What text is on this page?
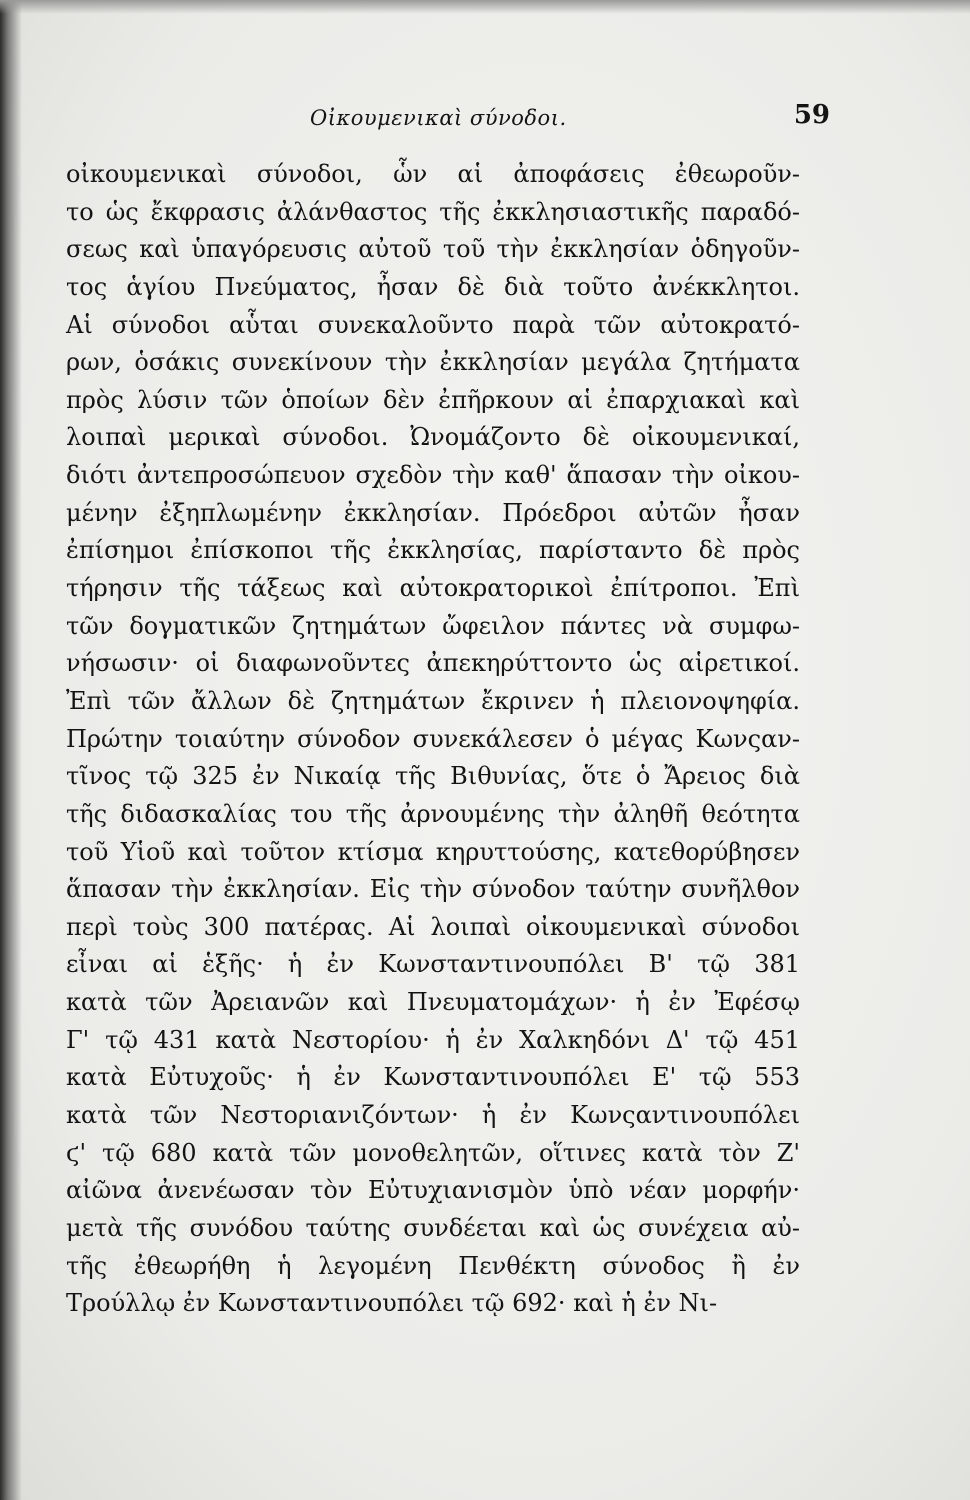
Οἰκουμενικαὶ σύνοδοι.	59
οἰκουμενικαὶ σύνοδοι, ὧν αἱ ἀποφάσεις ἐθεωροῦν-
το ὡς ἔκφρασις ἀλάνθαστος τῆς ἐκκλησιαστικῆς παραδό-
σεως καὶ ὑπαγόρευσις αὐτοῦ τοῦ τὴν ἐκκλησίαν ὁδηγοῦν-
τος ἁγίου Πνεύματος, ἦσαν δὲ διὰ τοῦτο ἀνέκκλητοι.
Αἱ σύνοδοι αὗται συνεκαλοῦντο παρὰ τῶν αὐτοκρατό-
ρων, ὁσάκις συνεκίνουν τὴν ἐκκλησίαν μεγάλα ζητήματα
πρὸς λύσιν τῶν ὁποίων δὲν ἐπῆρκουν αἱ ἐπαρχιακαὶ καὶ
λοιπαὶ μερικαὶ σύνοδοι. Ὠνομάζοντο δὲ οἰκουμενικαί,
διότι ἀντεπροσώπευον σχεδὸν τὴν καθ' ἅπασαν τὴν οἰκου-
μένην ἐξηπλωμένην ἐκκλησίαν. Πρόεδροι αὐτῶν ἦσαν
ἐπίσημοι ἐπίσκοποι τῆς ἐκκλησίας, παρίσταντο δὲ πρὸς
τήρησιν τῆς τάξεως καὶ αὐτοκρατορικοὶ ἐπίτροποι. Ἐπὶ
τῶν δογματικῶν ζητημάτων ὤφειλον πάντες νὰ συμφω-
νήσωσιν· οἱ διαφωνοῦντες ἀπεκηρύττοντο ὡς αἱρετικοί.
Ἐπὶ τῶν ἄλλων δὲ ζητημάτων ἔκρινεν ἡ πλειονοψηφία.
Πρώτην τοιαύτην σύνοδον συνεκάλεσεν ὁ μέγας Κωνςαν-
τῖνος τῷ 325 ἐν Νικαίᾳ τῆς Βιθυνίας, ὅτε ὁ Ἄρειος διὰ
τῆς διδασκαλίας του τῆς ἀρνουμένης τὴν ἀληθῆ θεότητα
τοῦ Υἱοῦ καὶ τοῦτον κτίσμα κηρυττούσης, κατεθορύβησεν
ἅπασαν τὴν ἐκκλησίαν. Εἰς τὴν σύνοδον ταύτην συνῆλθον
περὶ τοὺς 300 πατέρας. Αἱ λοιπαὶ οἰκουμενικαὶ σύνοδοι
εἶναι αἱ ἑξῆς· ἡ ἐν Κωνσταντινουπόλει Β' τῷ 381
κατὰ τῶν Ἀρειανῶν καὶ Πνευματομάχων· ἡ ἐν Ἐφέσῳ
Γ' τῷ 431 κατὰ Νεστορίου· ἡ ἐν Χαλκηδόνι Δ' τῷ 451
κατὰ Εὐτυχοῦς· ἡ ἐν Κωνσταντινουπόλει Ε' τῷ 553
κατὰ τῶν Νεστοριανιζόντων· ἡ ἐν Κωνςαντινουπόλει
ϛ' τῷ 680 κατὰ τῶν μονοθελητῶν, οἵτινες κατὰ τὸν Ζ'
αἰῶνα ἀνενέωσαν τὸν Εὐτυχιανισμὸν ὑπὸ νέαν μορφήν·
μετὰ τῆς συνόδου ταύτης συνδέεται καὶ ὡς συνέχεια αὐ-
τῆς ἐθεωρήθη ἡ λεγομένη Πενθέκτη σύνοδος ἢ ἐν
Τρούλλῳ ἐν Κωνσταντινουπόλει τῷ 692· καὶ ἡ ἐν Νι-
